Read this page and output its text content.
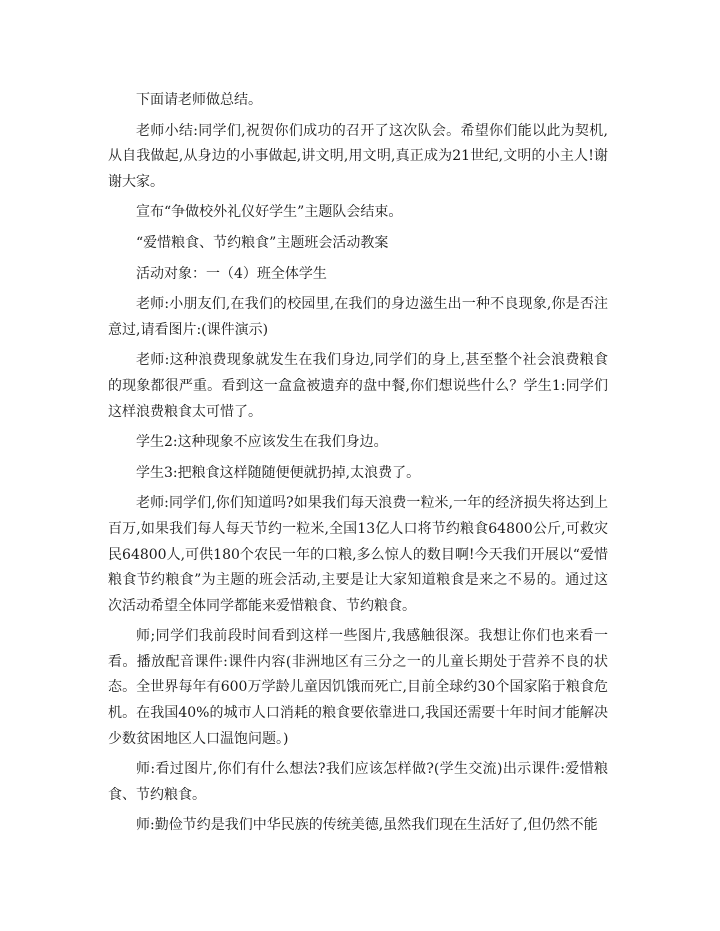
下面请老师做总结。

老师小结:同学们,祝贺你们成功的召开了这次队会。希望你们能以此为契机,从自我做起,从身边的小事做起,讲文明,用文明,真正成为21世纪,文明的小主人!谢谢大家。

宣布“争做校外礼仪好学生”主题队会结束。

“爱惜粮食、节约粮食”主题班会活动教案

活动对象：一（4）班全体学生

老师:小朋友们,在我们的校园里,在我们的身边滋生出一种不良现象,你是否注意过,请看图片:(课件演示)

老师:这种浪费现象就发生在我们身边,同学们的身上,甚至整个社会浪费粮食的现象都很严重。看到这一盒盒被遗弃的盘中餐,你们想说些什么？学生1:同学们这样浪费粮食太可惜了。

学生2:这种现象不应该发生在我们身边。

学生3:把粮食这样随随便便就扔掉,太浪费了。

老师:同学们,你们知道吗?如果我们每天浪费一粒米,一年的经济损失将达到上百万,如果我们每人每天节约一粒米,全国13亿人口将节约粮食64800公斤,可救灾民64800人,可供180个农民一年的口粮,多么惊人的数目啊!今天我们开展以“爱惜粮食节约粮食”为主题的班会活动,主要是让大家知道粮食是来之不易的。通过这次活动希望全体同学都能来爱惜粮食、节约粮食。

师;同学们我前段时间看到这样一些图片,我感触很深。我想让你们也来看一看。播放配音课件:课件内容(非洲地区有三分之一的儿童长期处于营养不良的状态。全世界每年有600万学龄儿童因饥饿而死亡,目前全球约30个国家陷于粮食危机。在我国40%的城市人口消耗的粮食要依靠进口,我国还需要十年时间才能解决少数贫困地区人口温饱问题。)

师:看过图片,你们有什么想法?我们应该怎样做?(学生交流)出示课件:爱惜粮食、节约粮食。

师:勤俭节约是我们中华民族的传统美德,虽然我们现在生活好了,但仍然不能
